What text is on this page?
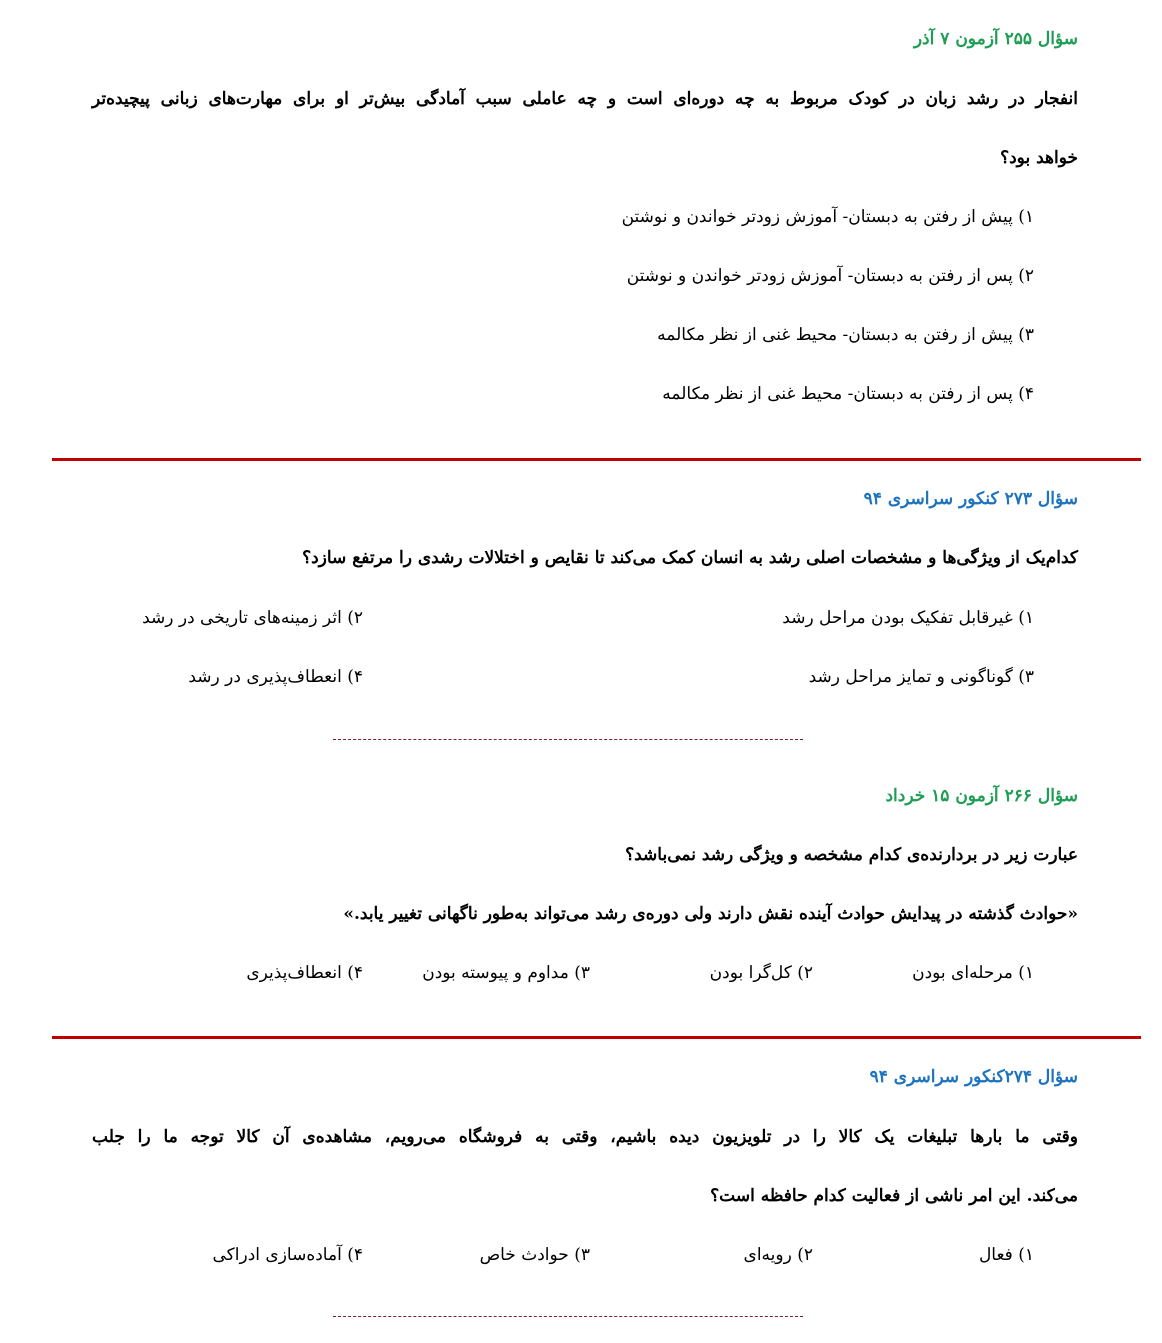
سؤال ۲۵۵ آزمون ۷ آذر
انفجار در رشد زبان در کودک مربوط به چه دوره‌ای است و چه عاملی سبب آمادگی بیش‌تر او برای مهارت‌های زبانی پیچیده‌تر
خواهد بود؟
۱) پیش از رفتن به دبستان- آموزش زودتر خواندن و نوشتن
۲) پس از رفتن به دبستان- آموزش زودتر خواندن و نوشتن
۳) پیش از رفتن به دبستان- محیط غنی از نظر مکالمه
۴) پس از رفتن به دبستان- محیط غنی از نظر مکالمه
سؤال ۲۷۳ کنکور سراسری ۹۴
کدام‌یک از ویژگی‌ها و مشخصات اصلی رشد به انسان کمک می‌کند تا نقایص و اختلالات رشدی را مرتفع سازد؟
۱) غیرقابل تفکیک بودن مراحل رشد
۲) اثر زمینه‌های تاریخی در رشد
۳) گوناگونی و تمایز مراحل رشد
۴) انعطاف‌پذیری در رشد
سؤال ۲۶۶ آزمون ۱۵ خرداد
عبارت زیر در بردارنده‌ی کدام مشخصه و ویژگی رشد نمی‌باشد؟
«حوادث گذشته در پیدایش حوادث آینده نقش دارند ولی دوره‌ی رشد می‌تواند به‌طور ناگهانی تغییر یابد.»
۱) مرحله‌ای بودن
۲) کل‌گرا بودن
۳) مداوم و پیوسته بودن
۴) انعطاف‌پذیری
سؤال ۲۷۴کنکور سراسری ۹۴
وقتی ما بارها تبلیغات یک کالا را در تلویزیون دیده باشیم، وقتی به فروشگاه می‌رویم، مشاهده‌ی آن کالا توجه ما را جلب
می‌کند. این امر ناشی از فعالیت کدام حافظه است؟
۱) فعال
۲) رویه‌ای
۳) حوادث خاص
۴) آماده‌سازی ادراکی
